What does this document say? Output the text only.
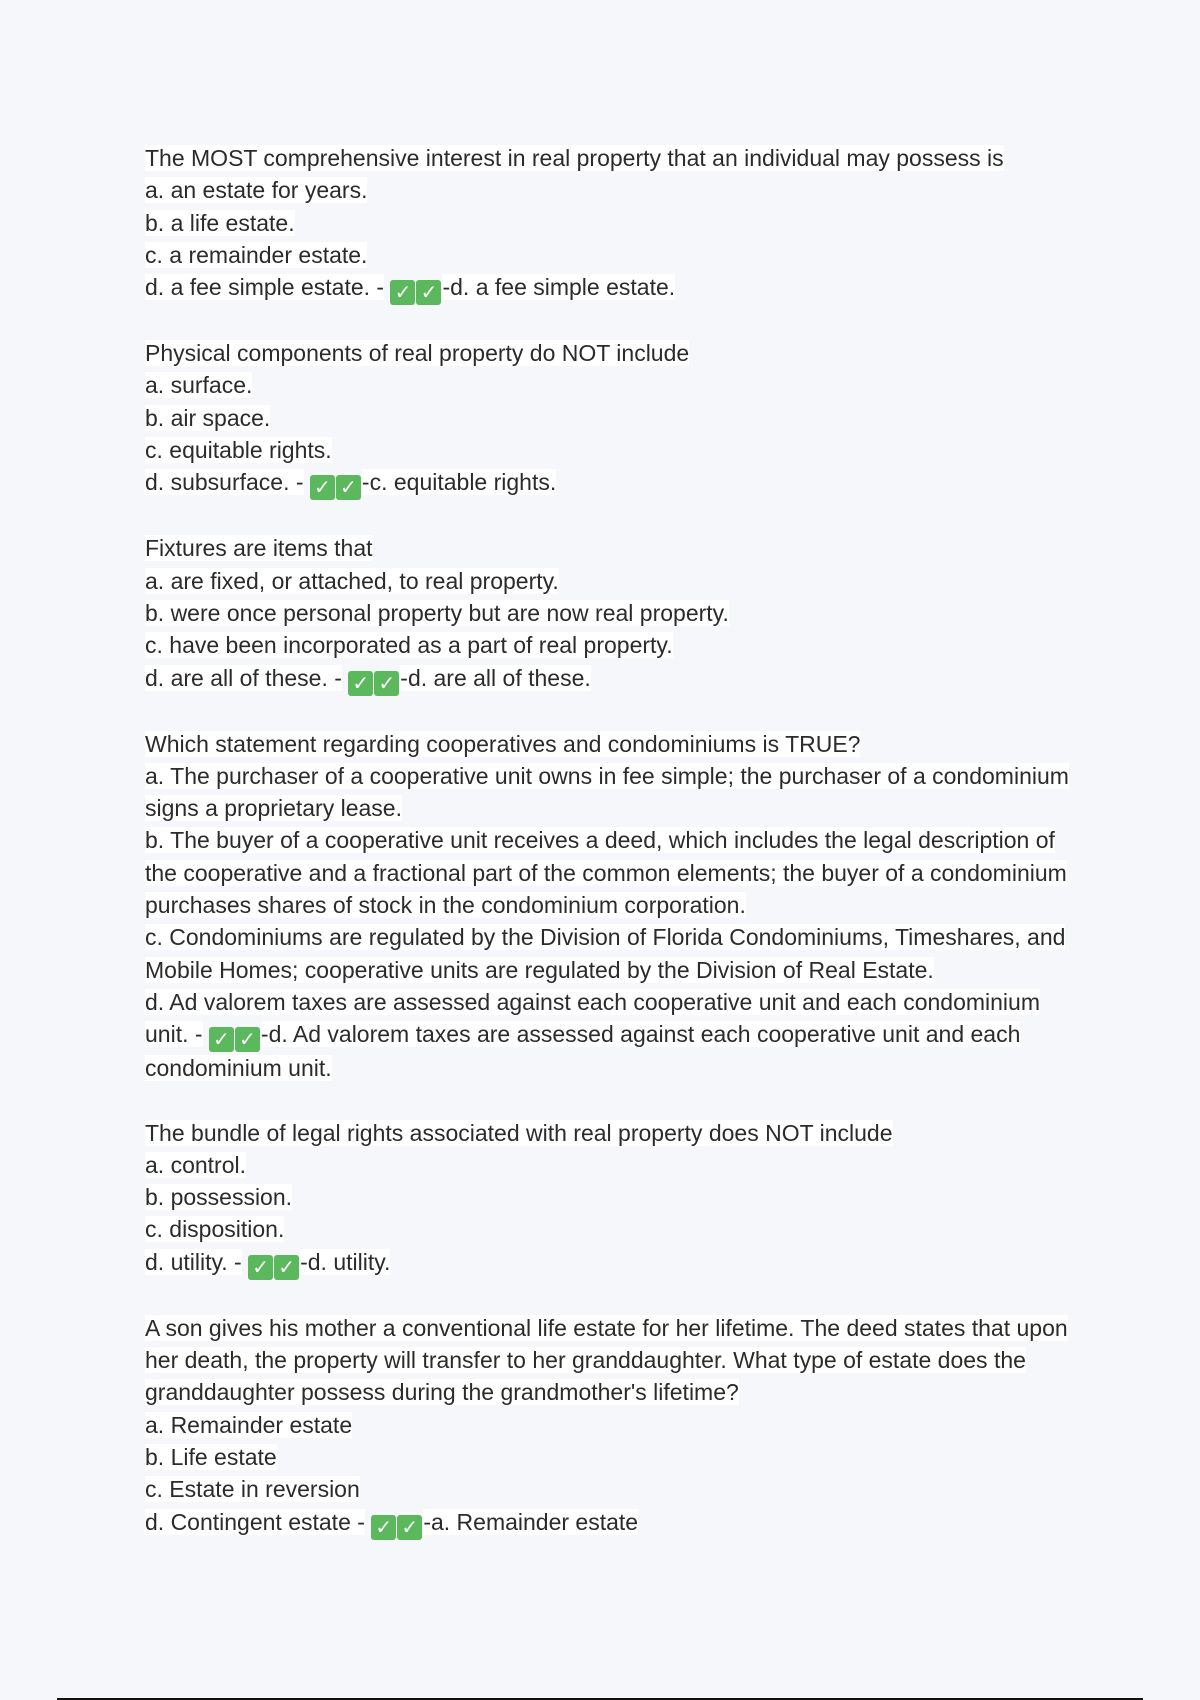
The MOST comprehensive interest in real property that an individual may possess is
a. an estate for years.
b. a life estate.
c. a remainder estate.
d. a fee simple estate. - ✓ ✓ -d. a fee simple estate.
Physical components of real property do NOT include
a. surface.
b. air space.
c. equitable rights.
d. subsurface. - ✓ ✓ -c. equitable rights.
Fixtures are items that
a. are fixed, or attached, to real property.
b. were once personal property but are now real property.
c. have been incorporated as a part of real property.
d. are all of these. - ✓ ✓ -d. are all of these.
Which statement regarding cooperatives and condominiums is TRUE?
a. The purchaser of a cooperative unit owns in fee simple; the purchaser of a condominium signs a proprietary lease.
b. The buyer of a cooperative unit receives a deed, which includes the legal description of the cooperative and a fractional part of the common elements; the buyer of a condominium purchases shares of stock in the condominium corporation.
c. Condominiums are regulated by the Division of Florida Condominiums, Timeshares, and Mobile Homes; cooperative units are regulated by the Division of Real Estate.
d. Ad valorem taxes are assessed against each cooperative unit and each condominium unit. - ✓ ✓ -d. Ad valorem taxes are assessed against each cooperative unit and each condominium unit.
The bundle of legal rights associated with real property does NOT include
a. control.
b. possession.
c. disposition.
d. utility. - ✓ ✓ -d. utility.
A son gives his mother a conventional life estate for her lifetime. The deed states that upon her death, the property will transfer to her granddaughter. What type of estate does the granddaughter possess during the grandmother's lifetime?
a. Remainder estate
b. Life estate
c. Estate in reversion
d. Contingent estate - ✓ ✓ -a. Remainder estate
